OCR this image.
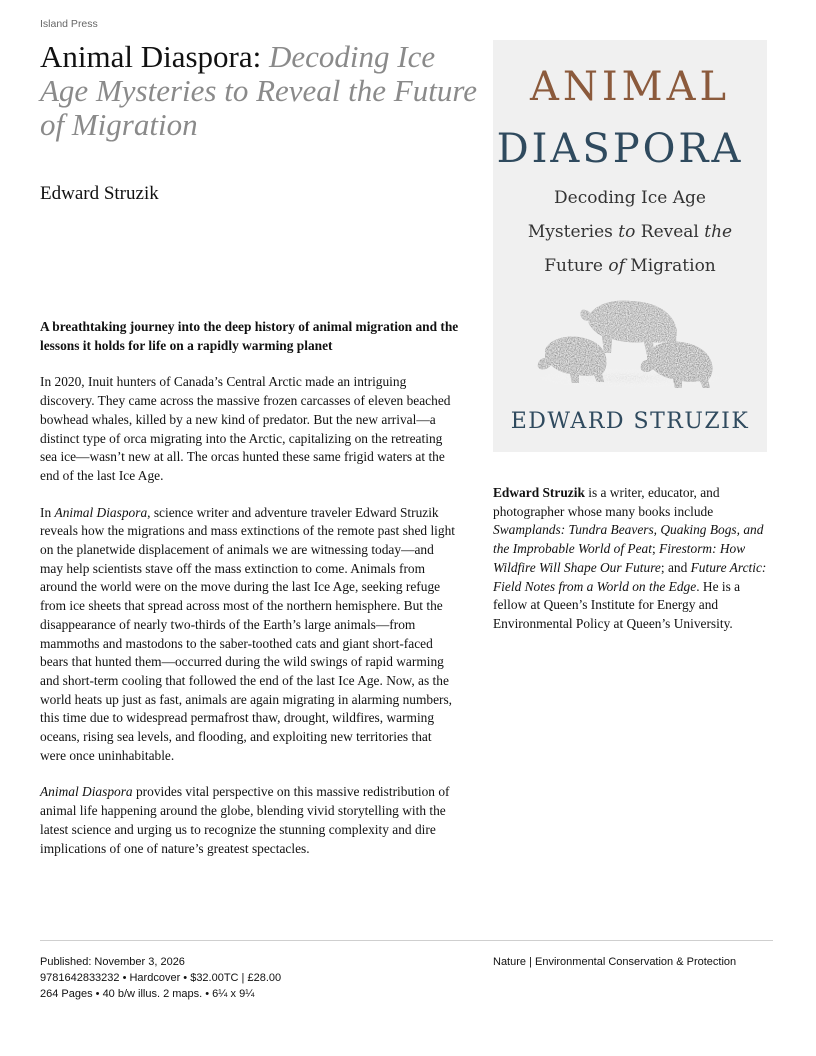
Island Press
Animal Diaspora: Decoding Ice Age Mysteries to Reveal the Future of Migration
Edward Struzik
ANIMAL
DIASPORA
Decoding Ice Age
Mysteries to Reveal the
Future of Migration
EDWARD STRUZIK

A breathtaking journey into the deep history of animal migration and the lessons it holds for life on a rapidly warming planet

In 2020, Inuit hunters of Canada’s Central Arctic made an intriguing discovery. They came across the massive frozen carcasses of eleven beached bowhead whales, killed by a new kind of predator. But the new arrival—a distinct type of orca migrating into the Arctic, capitalizing on the retreating sea ice—wasn’t new at all. The orcas hunted these same frigid waters at the end of the last Ice Age.

In Animal Diaspora, science writer and adventure traveler Edward Struzik reveals how the migrations and mass extinctions of the remote past shed light on the planetwide displacement of animals we are witnessing today—and may help scientists stave off the mass extinction to come. Animals from around the world were on the move during the last Ice Age, seeking refuge from ice sheets that spread across most of the northern hemisphere. But the disappearance of nearly two-thirds of the Earth’s large animals—from mammoths and mastodons to the saber-toothed cats and giant short-faced bears that hunted them—occurred during the wild swings of rapid warming and short-term cooling that followed the end of the last Ice Age. Now, as the world heats up just as fast, animals are again migrating in alarming numbers, this time due to widespread permafrost thaw, drought, wildfires, warming oceans, rising sea levels, and flooding, and exploiting new territories that were once uninhabitable.

Animal Diaspora provides vital perspective on this massive redistribution of animal life happening around the globe, blending vivid storytelling with the latest science and urging us to recognize the stunning complexity and dire implications of one of nature’s greatest spectacles.

Edward Struzik is a writer, educator, and photographer whose many books include Swamplands: Tundra Beavers, Quaking Bogs, and the Improbable World of Peat; Firestorm: How Wildfire Will Shape Our Future; and Future Arctic: Field Notes from a World on the Edge. He is a fellow at Queen’s Institute for Energy and Environmental Policy at Queen’s University.

Published: November 3, 2026
9781642833232 • Hardcover • $32.00TC | £28.00
264 Pages • 40 b/w illus. 2 maps. • 6¼ x 9¼
Nature | Environmental Conservation & Protection
